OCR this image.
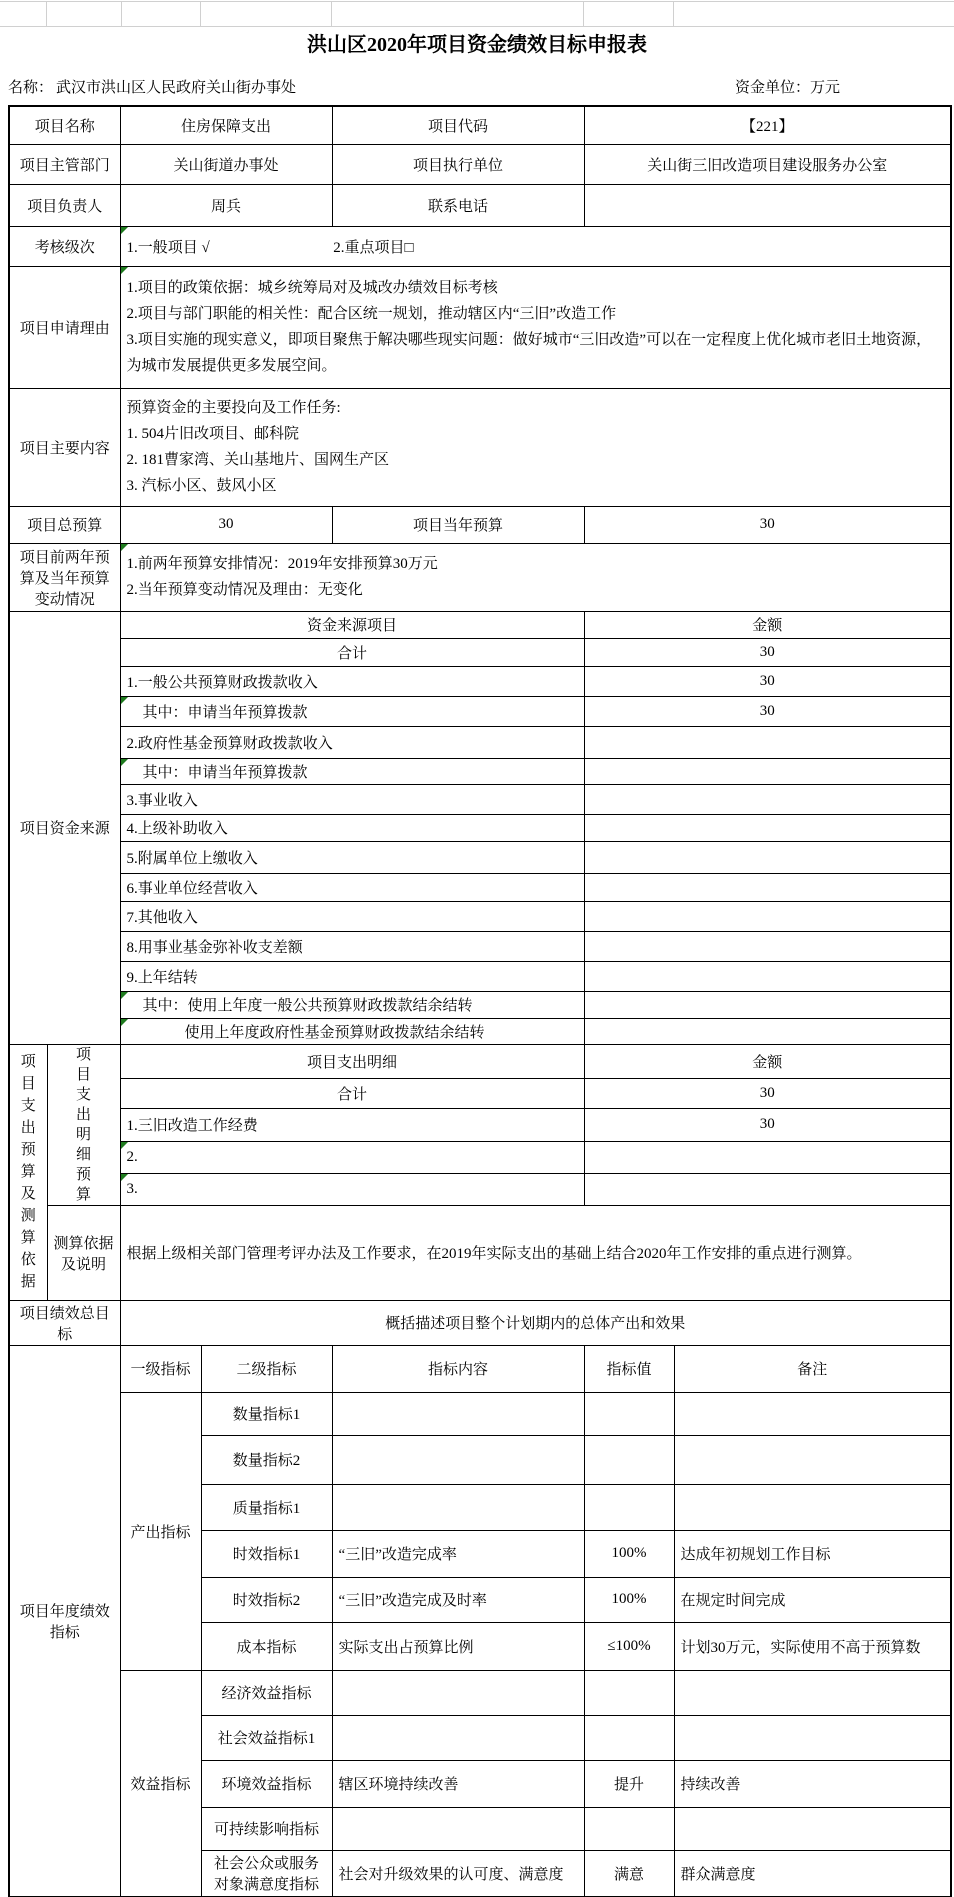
洪山区2020年项目资金绩效目标申报表
名称： 武汉市洪山区人民政府关山街办事处	资金单位：万元
项目名称		住房保障支出		项目代码	【221】	
项目主管部门		关山街道办事处		项目执行单位	关山街三旧改造项目建设服务办公室	
项目负责人		周兵		联系电话		
考核级次		1.一般项目 √ 2.重点项目□				
项目申请理由		1.项目的政策依据：城乡统筹局对及城改办绩效目标考核
2.项目与部门职能的相关性：配合区统一规划，推动辖区内“三旧”改造工作
3.项目实施的现实意义，即项目聚焦于解决哪些现实问题：做好城市“三旧改造”可以在一定程度上优化城市老旧土地资源，为城市发展提供更多发展空间。				

项目主要内容		预算资金的主要投向及工作任务:
1. 504片旧改项目、邮科院
2. 181曹家湾、关山基地片、国网生产区
3. 汽标小区、鼓风小区				

项目总预算		30		项目当年预算	30	
项目前两年预算及当年预算变动情况		1.前两年预算安排情况：2019年安排预算30万元
2.当年预算变动情况及理由：无变化				

项目资金来源		资金来源项目			金额	
		合计			30	
		1.一般公共预算财政拨款收入			30	
		其中：申请当年预算拨款			30	
		2.政府性基金预算财政拨款收入				
		其中：申请当年预算拨款				
		3.事业收入				
		4.上级补助收入				
		5.附属单位上缴收入				
		6.事业单位经营收入				
		7.其他收入				
		8.用事业基金弥补收支差额				
		9.上年结转				
		其中：使用上年度一般公共预算财政拨款结余结转				
		使用上年度政府性基金预算财政拨款结余结转				

项目支出预算及测算依据	项目支出明细预算	项目支出明细			金额	
		合计			30	
		1.三旧改造工作经费			30	
		2.				
		3.				
	测算依据及说明	根据上级相关部门管理考评办法及工作要求，在2019年实际支出的基础上结合2020年工作安排的重点进行测算。				
项目绩效总目标		概括描述项目整个计划期内的总体产出和效果				

项目年度绩效指标		一级指标	二级指标	指标内容	指标值	备注
		产出指标	数量指标1			
			数量指标2			
			质量指标1			
			时效指标1	“三旧”改造完成率	100%	达成年初规划工作目标
			时效指标2	“三旧”改造完成及时率	100%	在规定时间完成
			成本指标	实际支出占预算比例	≤100%	计划30万元，实际使用不高于预算数
		效益指标	经济效益指标			
			社会效益指标1			
			环境效益指标	辖区环境持续改善	提升	持续改善
			可持续影响指标			

			社会公众或服务对象满意度指标	社会对升级效果的认可度、满意度	满意	群众满意度
